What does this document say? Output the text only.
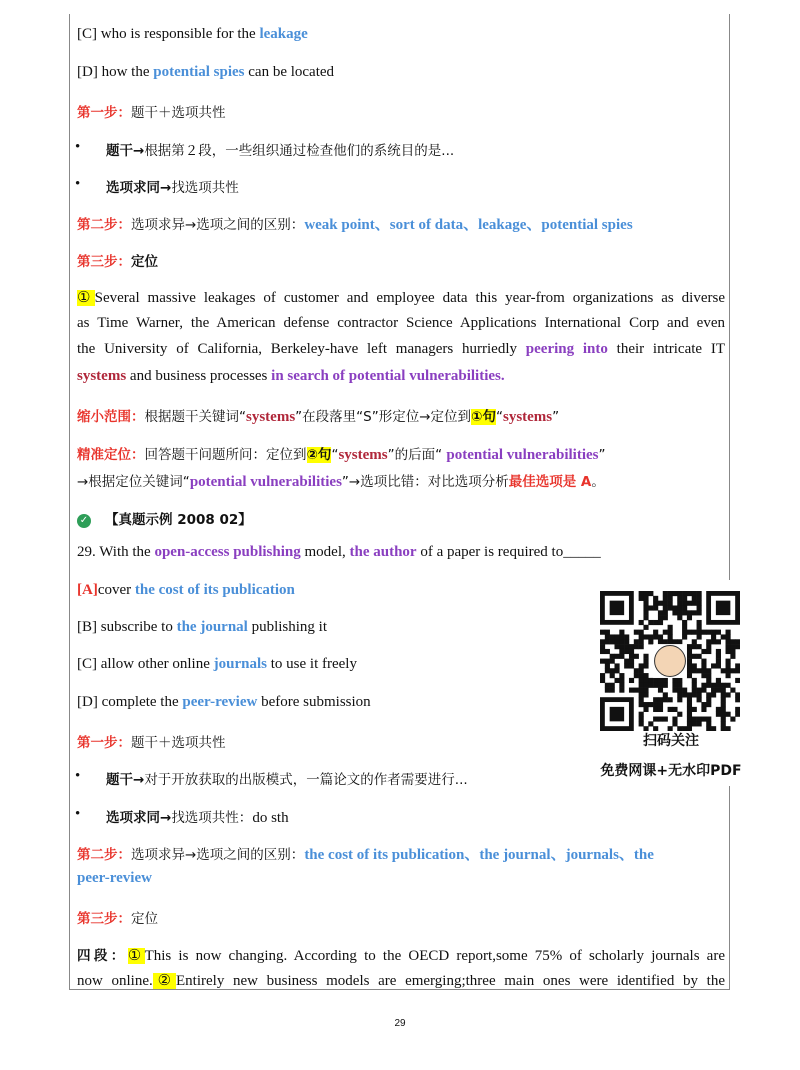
[C] who is responsible for the leakage
[D] how the potential spies can be located
第一步：题干＋选项共性
• 题干→根据第２段，一些组织通过检查他们的系统目的是...
• 选项求同→找选项共性
第二步：选项求异→选项之间的区别：weak point、sort of data、leakage、potential spies
第三步：定位
①Several massive leakages of customer and employee data this year-from organizations as diverse
as Time Warner, the American defense contractor Science Applications International Corp and even
the University of California, Berkeley-have left managers hurriedly peering into their intricate IT
systems and business processes in search of potential vulnerabilities.
缩小范围：根据题干关键词“systems”在段落里“S”形定位→定位到①句“systems”
精准定位：回答题干问题所问：定位到②句“systems”的后面“ potential vulnerabilities”
→根据定位关键词“potential vulnerabilities”→选项比错：对比选项分析最佳选项是 A。
✓ 【真题示例 2008 02】
29. With the open-access publishing model, the author of a paper is required to_____
[A]cover the cost of its publication
[B] subscribe to the journal publishing it
[C] allow other online journals to use it freely
[D] complete the peer-review before submission
第一步：题干＋选项共性
• 题干→对于开放获取的出版模式，一篇论文的作者需要进行...
• 选项求同→找选项共性：do sth
第二步：选项求异→选项之间的区别：the cost of its publication、the journal、journals、the
peer-review
第三步：定位
四段：①This is now changing. According to the OECD report,some 75% of scholarly journals are
now online.②Entirely new business models are emerging;three main ones were identified by the
扫码关注
免费网课+无水印PDF
29
